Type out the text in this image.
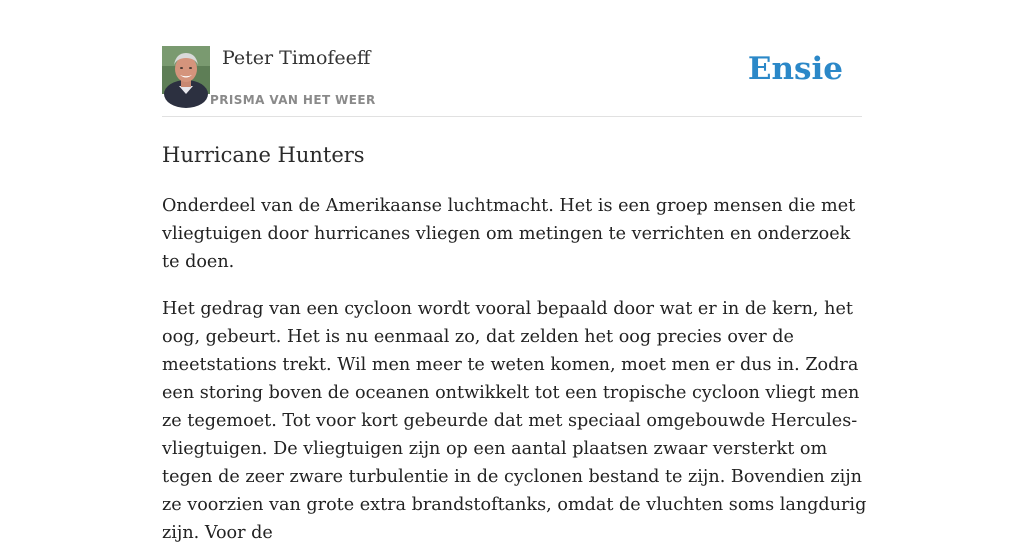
Peter Timofeeff
PRISMA VAN HET WEER
Ensie
Hurricane Hunters

Onderdeel van de Amerikaanse luchtmacht. Het is een groep mensen die met vliegtuigen door hurricanes vliegen om metingen te verrichten en onderzoek te doen.

Het gedrag van een cycloon wordt vooral bepaald door wat er in de kern, het oog, gebeurt. Het is nu eenmaal zo, dat zelden het oog precies over de meetstations trekt. Wil men meer te weten komen, moet men er dus in. Zodra een storing boven de oceanen ontwikkelt tot een tropische cycloon vliegt men ze tegemoet. Tot voor kort gebeurde dat met speciaal omgebouwde Hercules-vliegtuigen. De vliegtuigen zijn op een aantal plaatsen zwaar versterkt om tegen de zeer zware turbulentie in de cyclonen bestand te zijn. Bovendien zijn ze voorzien van grote extra brandstoftanks, omdat de vluchten soms langdurig zijn. Voor de
